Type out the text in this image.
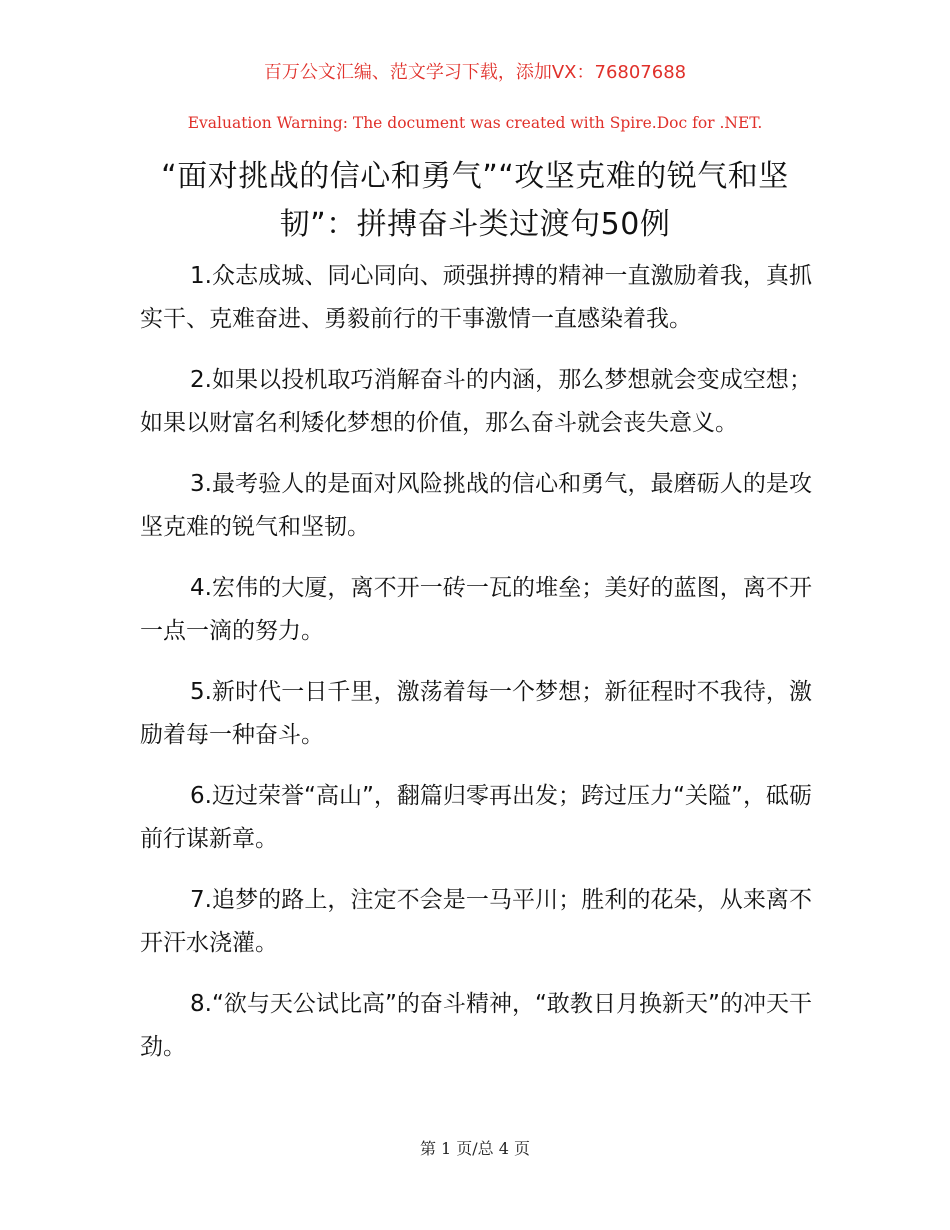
百万公文汇编、范文学习下载，添加VX：76807688
Evaluation Warning: The document was created with Spire.Doc for .NET.
“面对挑战的信心和勇气”“攻坚克难的锐气和坚韧”：拼搏奋斗类过渡句50例

1.众志成城、同心同向、顽强拼搏的精神一直激励着我，真抓实干、克难奋进、勇毅前行的干事激情一直感染着我。

2.如果以投机取巧消解奋斗的内涵，那么梦想就会变成空想；如果以财富名利矮化梦想的价值，那么奋斗就会丧失意义。

3.最考验人的是面对风险挑战的信心和勇气，最磨砺人的是攻坚克难的锐气和坚韧。

4.宏伟的大厦，离不开一砖一瓦的堆垒；美好的蓝图，离不开一点一滴的努力。

5.新时代一日千里，激荡着每一个梦想；新征程时不我待，激励着每一种奋斗。

6.迈过荣誉“高山”，翻篇归零再出发；跨过压力“关隘”，砥砺前行谋新章。

7.追梦的路上，注定不会是一马平川；胜利的花朵，从来离不开汗水浇灌。

8.“欲与天公试比高”的奋斗精神，“敢教日月换新天”的冲天干劲。

第 1 页/总 4 页
